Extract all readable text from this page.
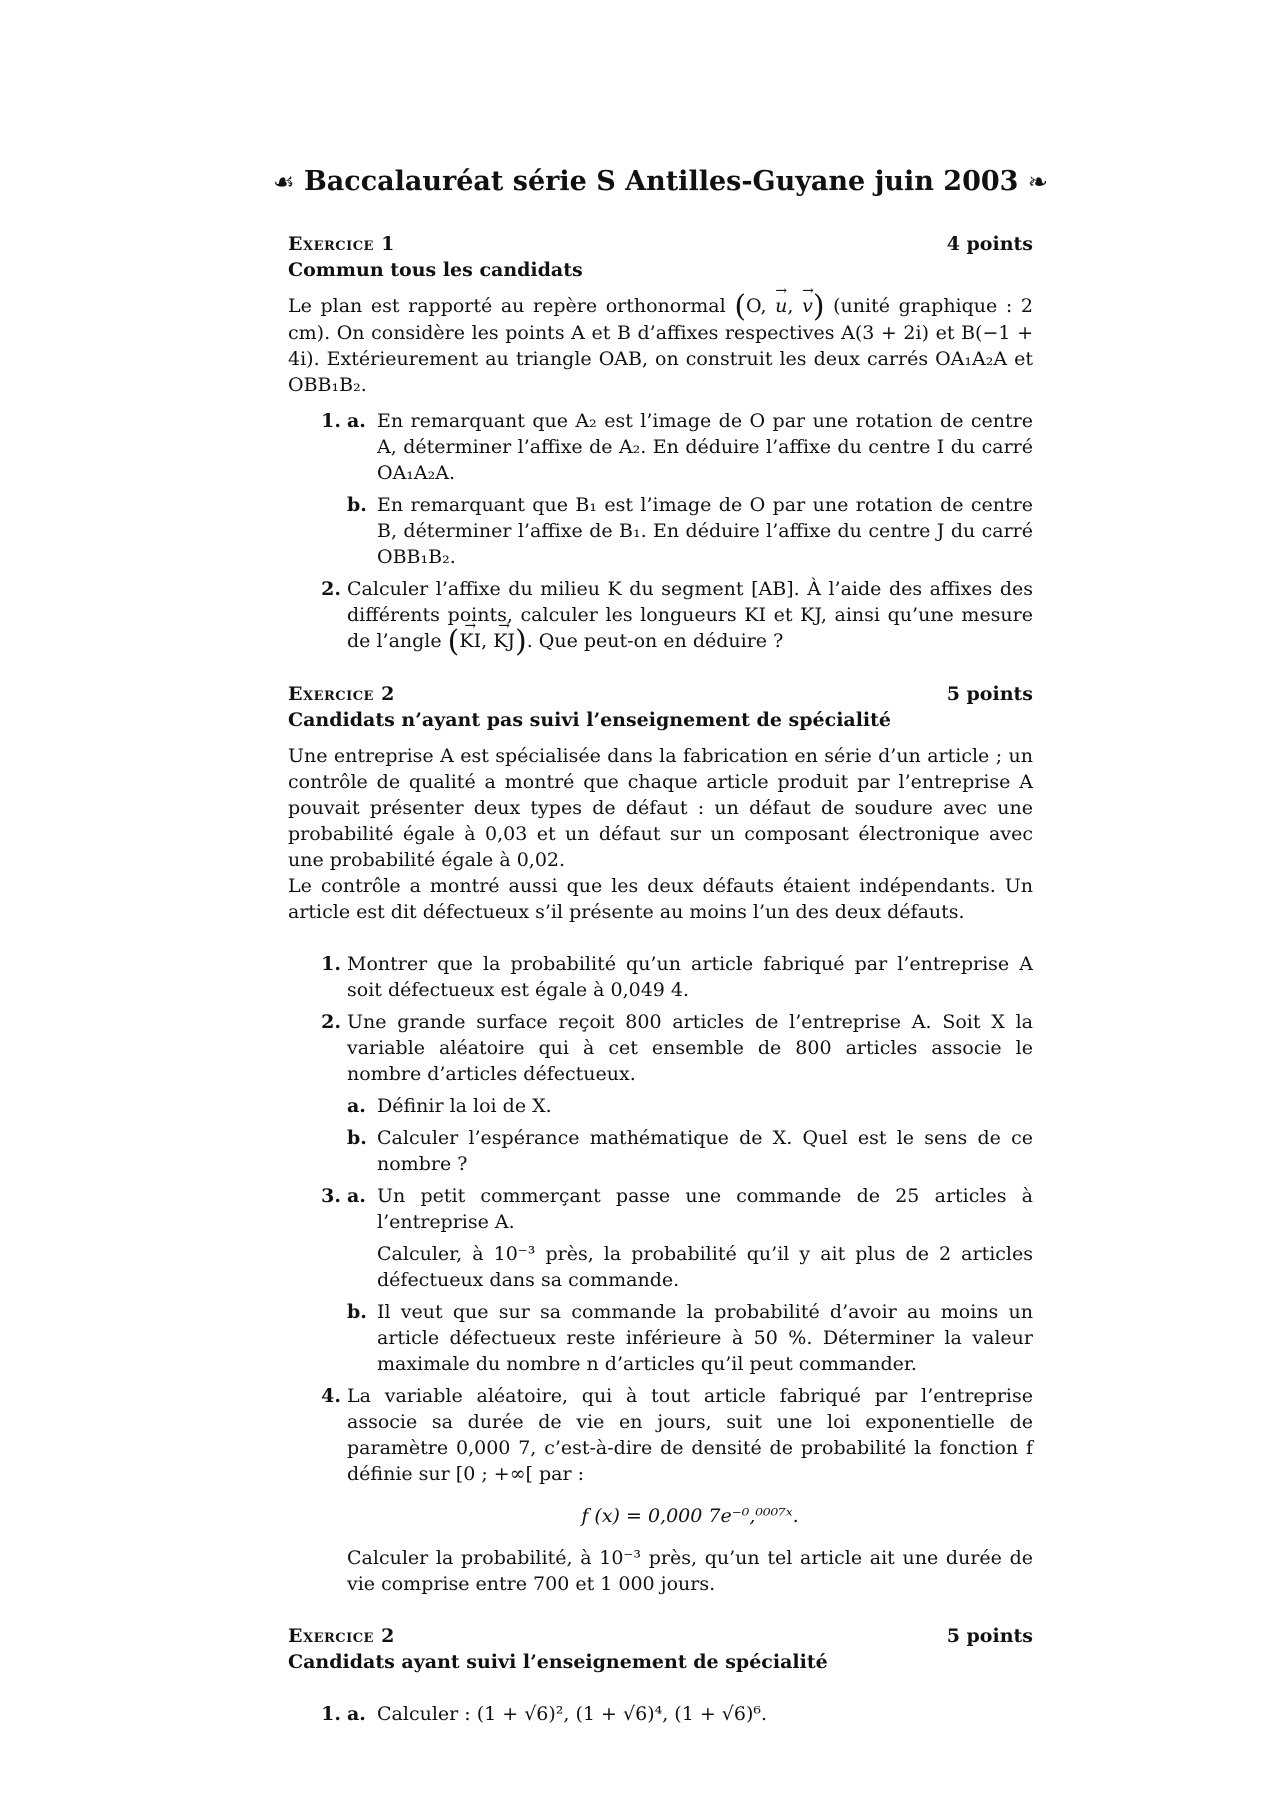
☙ Baccalauréat série S Antilles-Guyane juin 2003 ❧
Exercice 1	4 points
Commun tous les candidats

Le plan est rapporté au repère orthonormal (O, → u, → v) (unité graphique : 2 cm). On considère les points A et B d’affixes respectives A(3 + 2i) et B(−1 + 4i). Extérieurement au triangle OAB, on construit les deux carrés OA₁A₂A et OBB₁B₂.

1. a. En remarquant que A₂ est l’image de O par une rotation de centre A, déterminer l’affixe de A₂. En déduire l’affixe du centre I du carré OA₁A₂A.
b. En remarquant que B₁ est l’image de O par une rotation de centre B, déterminer l’affixe de B₁. En déduire l’affixe du centre J du carré OBB₁B₂.
2. Calculer l’affixe du milieu K du segment [AB]. À l’aide des affixes des différents points, calculer les longueurs KI et KJ, ainsi qu’une mesure de l’angle (→ KI, → KJ). Que peut-on en déduire ?
Exercice 2	5 points
Candidats n’ayant pas suivi l’enseignement de spécialité

Une entreprise A est spécialisée dans la fabrication en série d’un article ; un contrôle de qualité a montré que chaque article produit par l’entreprise A pouvait présenter deux types de défaut : un défaut de soudure avec une probabilité égale à 0,03 et un défaut sur un composant électronique avec une probabilité égale à 0,02.

Le contrôle a montré aussi que les deux défauts étaient indépendants. Un article est dit défectueux s’il présente au moins l’un des deux défauts.

1. Montrer que la probabilité qu’un article fabriqué par l’entreprise A soit défectueux est égale à 0,049 4.
2. Une grande surface reçoit 800 articles de l’entreprise A. Soit X la variable aléatoire qui à cet ensemble de 800 articles associe le nombre d’articles défectueux.
a. Définir la loi de X.
b. Calculer l’espérance mathématique de X. Quel est le sens de ce nombre ?
3. a. Un petit commerçant passe une commande de 25 articles à l’entreprise A.
Calculer, à 10⁻³ près, la probabilité qu’il y ait plus de 2 articles défectueux dans sa commande.
b. Il veut que sur sa commande la probabilité d’avoir au moins un article défectueux reste inférieure à 50 %. Déterminer la valeur maximale du nombre n d’articles qu’il peut commander.
4. La variable aléatoire, qui à tout article fabriqué par l’entreprise associe sa durée de vie en jours, suit une loi exponentielle de paramètre 0,000 7, c’est-à-dire de densité de probabilité la fonction f définie sur [0 ; +∞[ par :
f (x) = 0,000 7e⁻⁰,⁰⁰⁰⁷ˣ.
Calculer la probabilité, à 10⁻³ près, qu’un tel article ait une durée de vie comprise entre 700 et 1 000 jours.
Exercice 2	5 points
Candidats ayant suivi l’enseignement de spécialité
1. a. Calculer : (1 + √6)², (1 + √6)⁴, (1 + √6)⁶.
